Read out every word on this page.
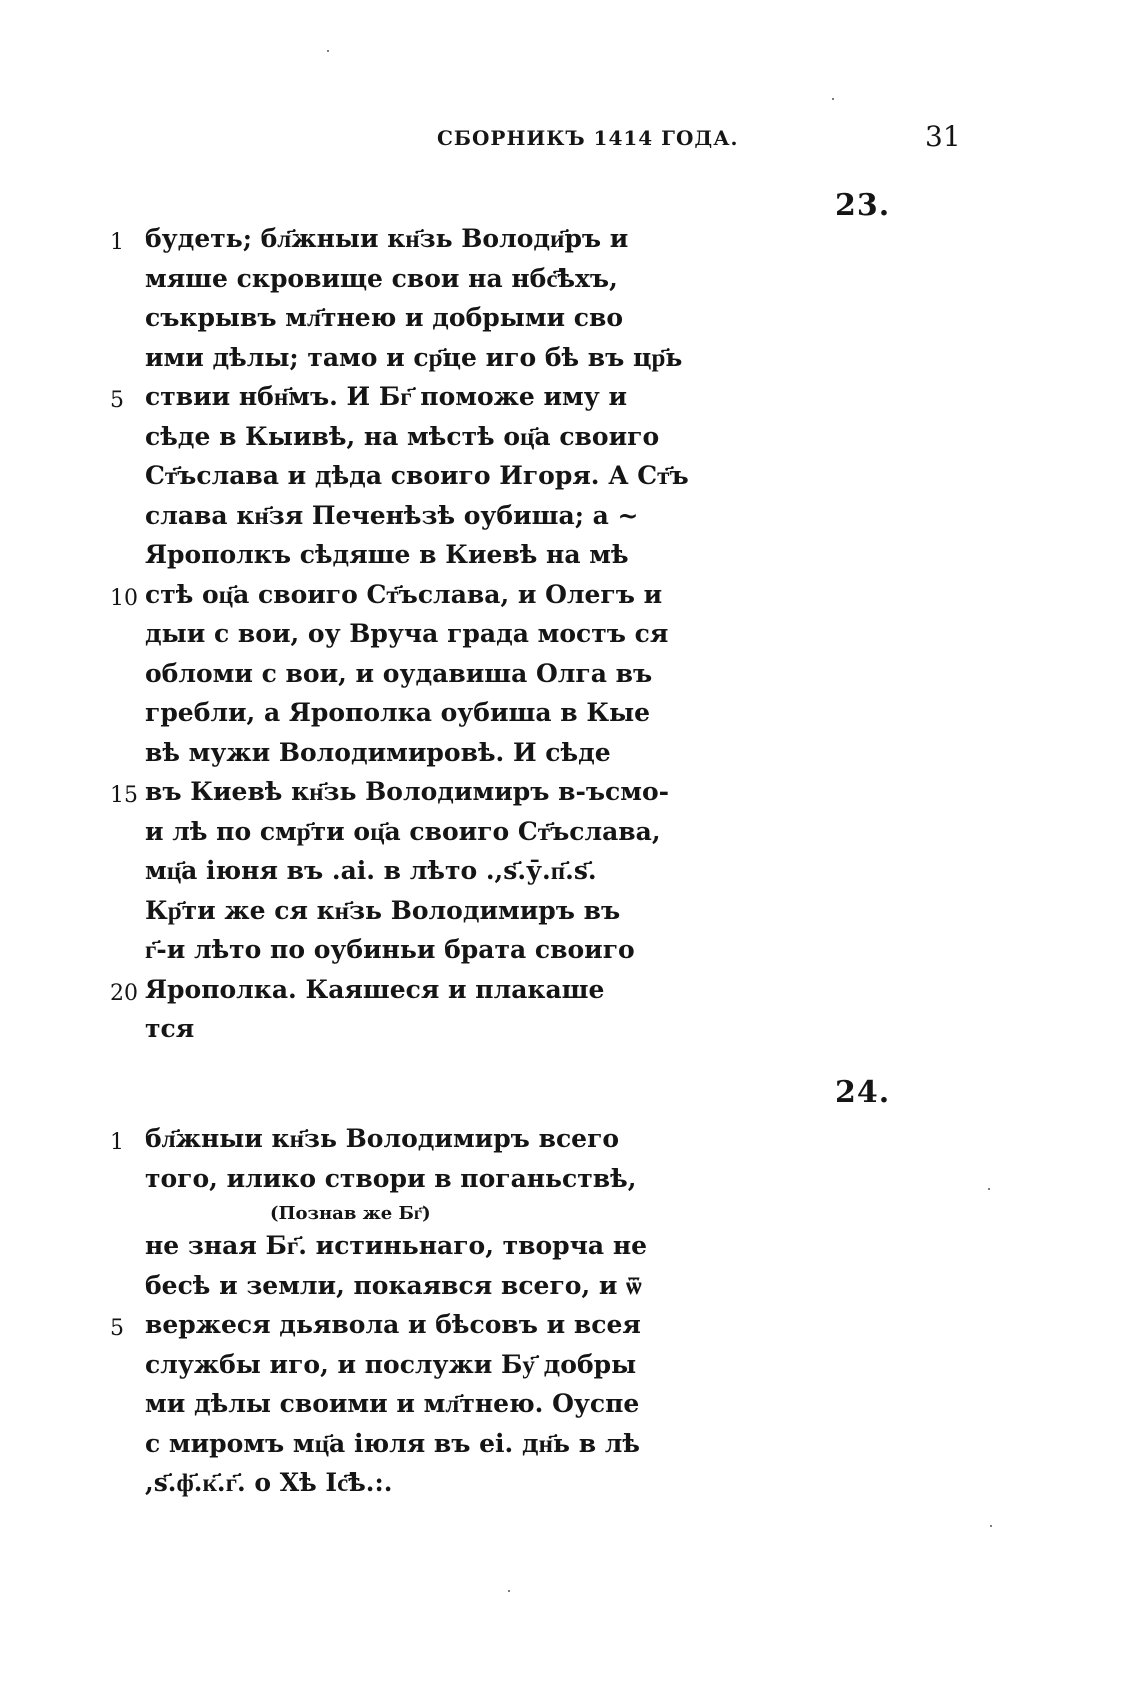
СБОРНИКЪ 1414 ГОДА.	31
23.
1 будеть; бл҃жныи кн҃зь Володи҃ръ и
мяше скровище свои на нбс҃ѣхъ,
съкрывъ мл҃тнею и добрыми сво
ими дѣлы; тамо и ср҃це иго бѣ въ цр҃ь
5 ствии нбн҃мъ. И Бг҃ поможе иму и
сѣде в Кыивѣ, на мѣстѣ оц҃а своиго
Ст҃ъслава и дѣда своиго Игоря. А Ст҃ъ
слава кн҃зя Печенѣзѣ оубиша; а ~
Ярополкъ сѣдяше в Киевѣ на мѣ
10 стѣ оц҃а своиго Ст҃ъслава, и Олегъ и
дыи с вои, оу Вруча града мостъ ся
обломи с вои, и оудавиша Олга въ
гребли, а Ярополка оубиша в Кые
вѣ мужи Володимировѣ. И сѣде
15 въ Киевѣ кн҃зь Володимиръ в-ъсмо-
и лѣ по смр҃ти оц҃а своиго Ст҃ъслава,
мц҃а іюня въ .ai. в лѣто .,s҃.ӯ.п҃.s҃.
Кр҃ти же ся кн҃зь Володимиръ въ
г҃-и лѣто по оубиньи брата своиго
20 Ярополка. Каяшеся и плакаше
тся
24.
1 бл҃жныи кн҃зь Володимиръ всего
того, илико створи в поганьствѣ,
(Познав же Бг҃)
не зная Бг҃. истиньнаго, творча не
бесѣ и земли, покаявся всего, и ѿ
5 вержеся дьявола и бѣсовъ и всея
службы иго, и послужи Бу҃ добры
ми дѣлы своими и мл҃тнею. Оуспе
с миромъ мц҃а іюля въ еі. дн҃ь в лѣ
,s҃.ф҃.к҃.г҃. о Хѣ Іс҃ѣ.:.
